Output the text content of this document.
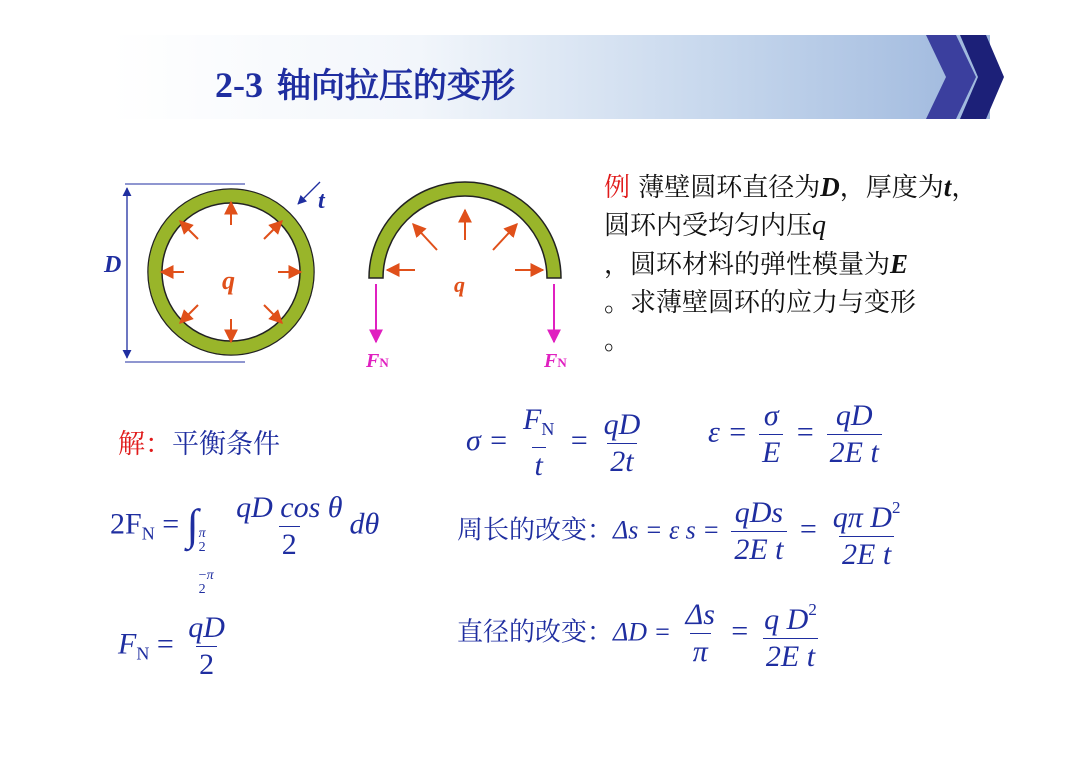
2-3 轴向拉压的变形
D
t
q	q
FN	FN
例 薄壁圆环直径为D，厚度为t，圆环内受均匀内压q
，圆环材料的弹性模量为E
。求薄壁圆环的应力与变形
。
解：平衡条件	$\sigma = \frac{F_N}{t} = \frac{qD}{2t}$ $\varepsilon = \frac{\sigma}{E} = \frac{qD}{\text{2E t}}$
$2F_N$ = ∫ π
2
−π
2

$\frac{\text{qD cos θ}}{2}$ dθ	周长的改变：Δs = ε $s = \frac{\text{qDs}}{\text{2E t}} = \frac{q\pi D^2}{\text{2E t}}$
$F_N = \frac{qD}{2}$	直径的改变：$\Delta D = \frac{\Delta s}{\pi} = \frac{q D^2}{\text{2E t}}$
